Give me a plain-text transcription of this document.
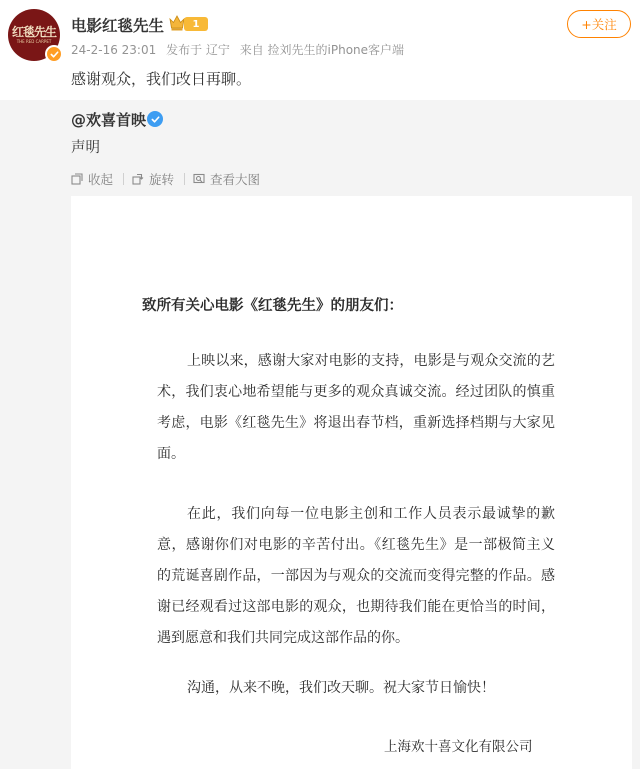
红毯先生
THE RED CARPET
电影红毯先生	1
24-2-16 23:01 发布于 辽宁 来自 捡刘先生的iPhone客户端
+关注
感谢观众，我们改日再聊。
@欢喜首映
声明
收起	旋转	查看大图
致所有关心电影《红毯先生》的朋友们：

上映以来，感谢大家对电影的支持，电影是与观众交流的艺术，我们衷心地希望能与更多的观众真诚交流。经过团队的慎重考虑，电影《红毯先生》将退出春节档，重新选择档期与大家见面。

在此，我们向每一位电影主创和工作人员表示最诚挚的歉意，感谢你们对电影的辛苦付出。《红毯先生》是一部极简主义的荒诞喜剧作品，一部因为与观众的交流而变得完整的作品。感谢已经观看过这部电影的观众，也期待我们能在更恰当的时间，遇到愿意和我们共同完成这部作品的你。

沟通，从来不晚，我们改天聊。祝大家节日愉快！

上海欢十喜文化有限公司
